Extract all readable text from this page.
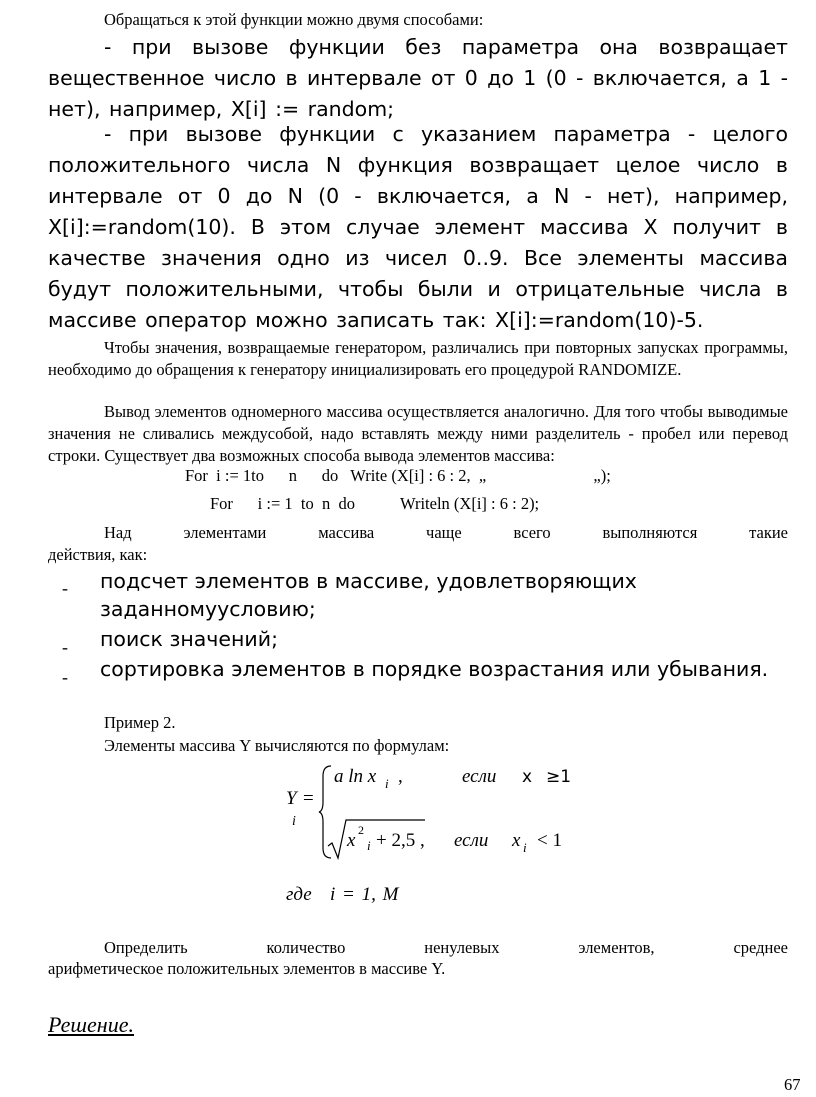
Обращаться к этой функции можно двумя способами:
- при вызове функции без параметра она возвращает вещественное число в интервале от 0 до 1 (0 - включается, а 1 - нет), например, X[i] := random;
- при вызове функции с указанием параметра - целого положительного числа N функция возвращает целое число в интервале от 0 до N (0 - включается, а N - нет), например, X[i]:=random(10). В этом случае элемент массива X получит в качестве значения одно из чисел 0..9. Все элементы массива будут положительными, чтобы были и отрицательные числа в массиве оператор можно записать так: X[i]:=random(10)-5.
Чтобы значения, возвращаемые генератором, различались при повторных запусках программы, необходимо до обращения к генератору инициализировать его процедурой RANDOMIZE.
Вывод элементов одномерного массива осуществляется аналогично. Для того чтобы выводимые значения не сливались междусобой, надо вставлять между ними разделитель - пробел или перевод строки. Существует два возможных способа вывода элементов массива:
For  i := 1to      n      do   Write (X[i] : 6 : 2,  „                          „);
For      i := 1  to  n  do           Writeln (X[i] : 6 : 2);
Над элементами массива чаще всего выполняются такие
действия, как:
- подсчет элементов в массиве, удовлетворяющих
заданномуусловию;
- поиск значений;
- сортировка элементов в порядке возрастания или убывания.
Пример 2.
Элементы массива Y вычисляются по формулам:
Y =
i
a ln x i ,	если x ≥1
x 2
i + 2,5 , если x i < 1
где i = 1, M
Определить количество ненулевых элементов, среднее
арифметическое положительных элементов в массиве Y.
Решение.
67
